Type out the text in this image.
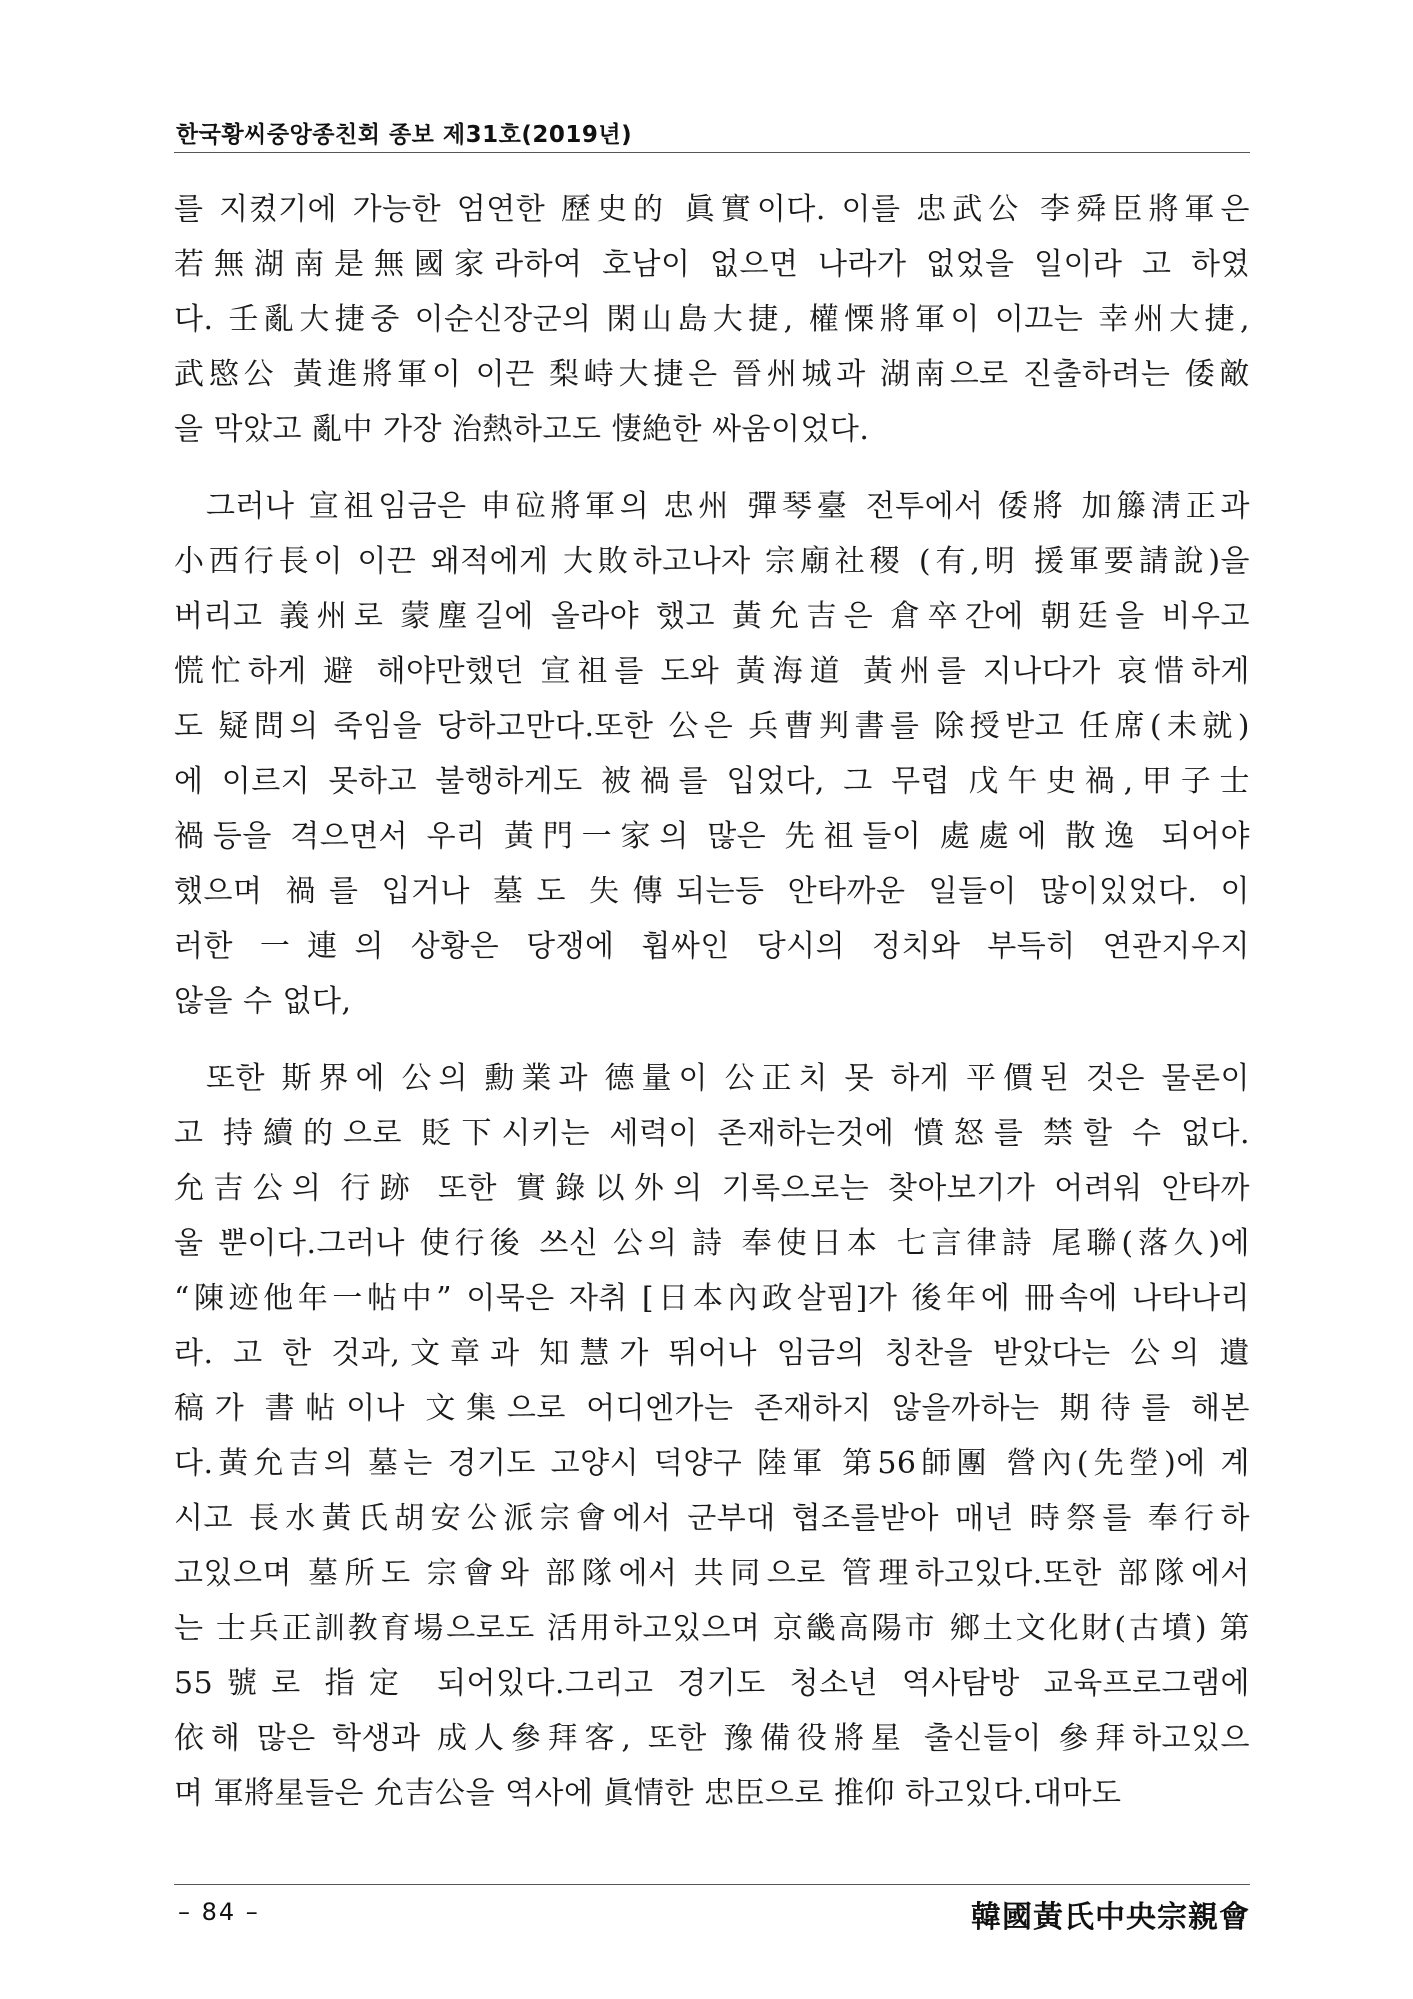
한국황씨중앙종친회 종보 제31호(2019년)
를 지켰기에 가능한 엄연한 歷史的 眞實이다. 이를 忠武公 李舜臣將軍은
若無湖南是無國家라하여 호남이 없으면 나라가 없었을 일이라 고 하였
다. 壬亂大捷중 이순신장군의 閑山島大捷, 權慄將軍이 이끄는 幸州大捷,
武愍公 黃進將軍이 이끈 梨峙大捷은 晉州城과 湖南으로 진출하려는 倭敵
을 막았고 亂中 가장 治熱하고도 悽絶한 싸움이었다.
그러나 宣祖임금은 申砬將軍의 忠州 彈琴臺 전투에서 倭將 加籐淸正과
小西行長이 이끈 왜적에게 大敗하고나자 宗廟社稷 (有,明 援軍要請說)을
버리고 義州로 蒙塵길에 올라야 했고 黃允吉은 倉卒간에 朝廷을 비우고
慌忙하게 避 해야만했던 宣祖를 도와 黃海道 黃州를 지나다가 哀惜하게
도 疑問의 죽임을 당하고만다.또한 公은 兵曹判書를 除授받고 任席(未就)
에 이르지 못하고 불행하게도 被禍를 입었다, 그 무렵 戊午史禍,甲子士
禍등을 격으면서 우리 黃門一家의 많은 先祖들이 處處에 散逸 되어야
했으며 禍를 입거나 墓도 失傳되는등 안타까운 일들이 많이있었다. 이
러한 一連의 상황은 당쟁에 휩싸인 당시의 정치와 부득히 연관지우지
않을 수 없다,
또한 斯界에 公의 勳業과 德量이 公正치 못 하게 平價된 것은 물론이
고 持續的으로 貶下시키는 세력이 존재하는것에 憤怒를 禁할 수 없다.
允吉公의 行跡 또한 實錄以外의 기록으로는 찾아보기가 어려워 안타까
울 뿐이다.그러나 使行後 쓰신 公의 詩 奉使日本 七言律詩 尾聯(落久)에
“陳迹他年一帖中” 이묵은 자취 [日本內政살핌]가 後年에 冊속에 나타나리
라. 고 한 것과,文章과 知慧가 뛰어나 임금의 칭찬을 받았다는 公의 遺
稿가 書帖이나 文集으로 어디엔가는 존재하지 않을까하는 期待를 해본
다.黃允吉의 墓는 경기도 고양시 덕양구 陸軍 第56師團 營內(先塋)에 계
시고 長水黃氏胡安公派宗會에서 군부대 협조를받아 매년 時祭를 奉行하
고있으며 墓所도 宗會와 部隊에서 共同으로 管理하고있다.또한 部隊에서
는 士兵正訓教育場으로도 活用하고있으며 京畿高陽市 鄉土文化財(古墳) 第
55號로 指定 되어있다.그리고 경기도 청소년 역사탐방 교육프로그램에
依해 많은 학생과 成人參拜客, 또한 豫備役將星 출신들이 參拜하고있으
며 軍將星들은 允吉公을 역사에 眞情한 忠臣으로 推仰 하고있다.대마도
– 84 –	韓國黃氏中央宗親會
